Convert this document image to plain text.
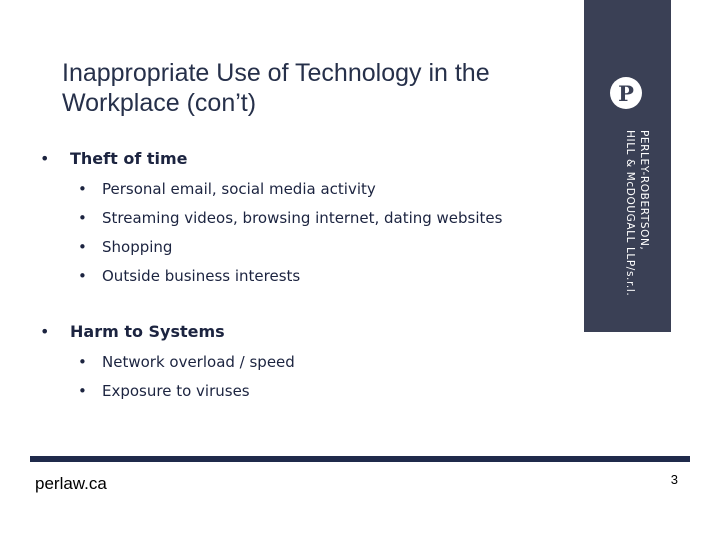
Inappropriate Use of Technology in the
Workplace (con’t)	P
PERLEY-ROBERTSON,
HILL & McDOUGALL LLP/s.r.l.
• Theft of time
• Personal email, social media activity
• Streaming videos, browsing internet, dating websites
• Shopping
• Outside business interests
• Harm to Systems
• Network overload / speed
• Exposure to viruses
perlaw.ca	3
